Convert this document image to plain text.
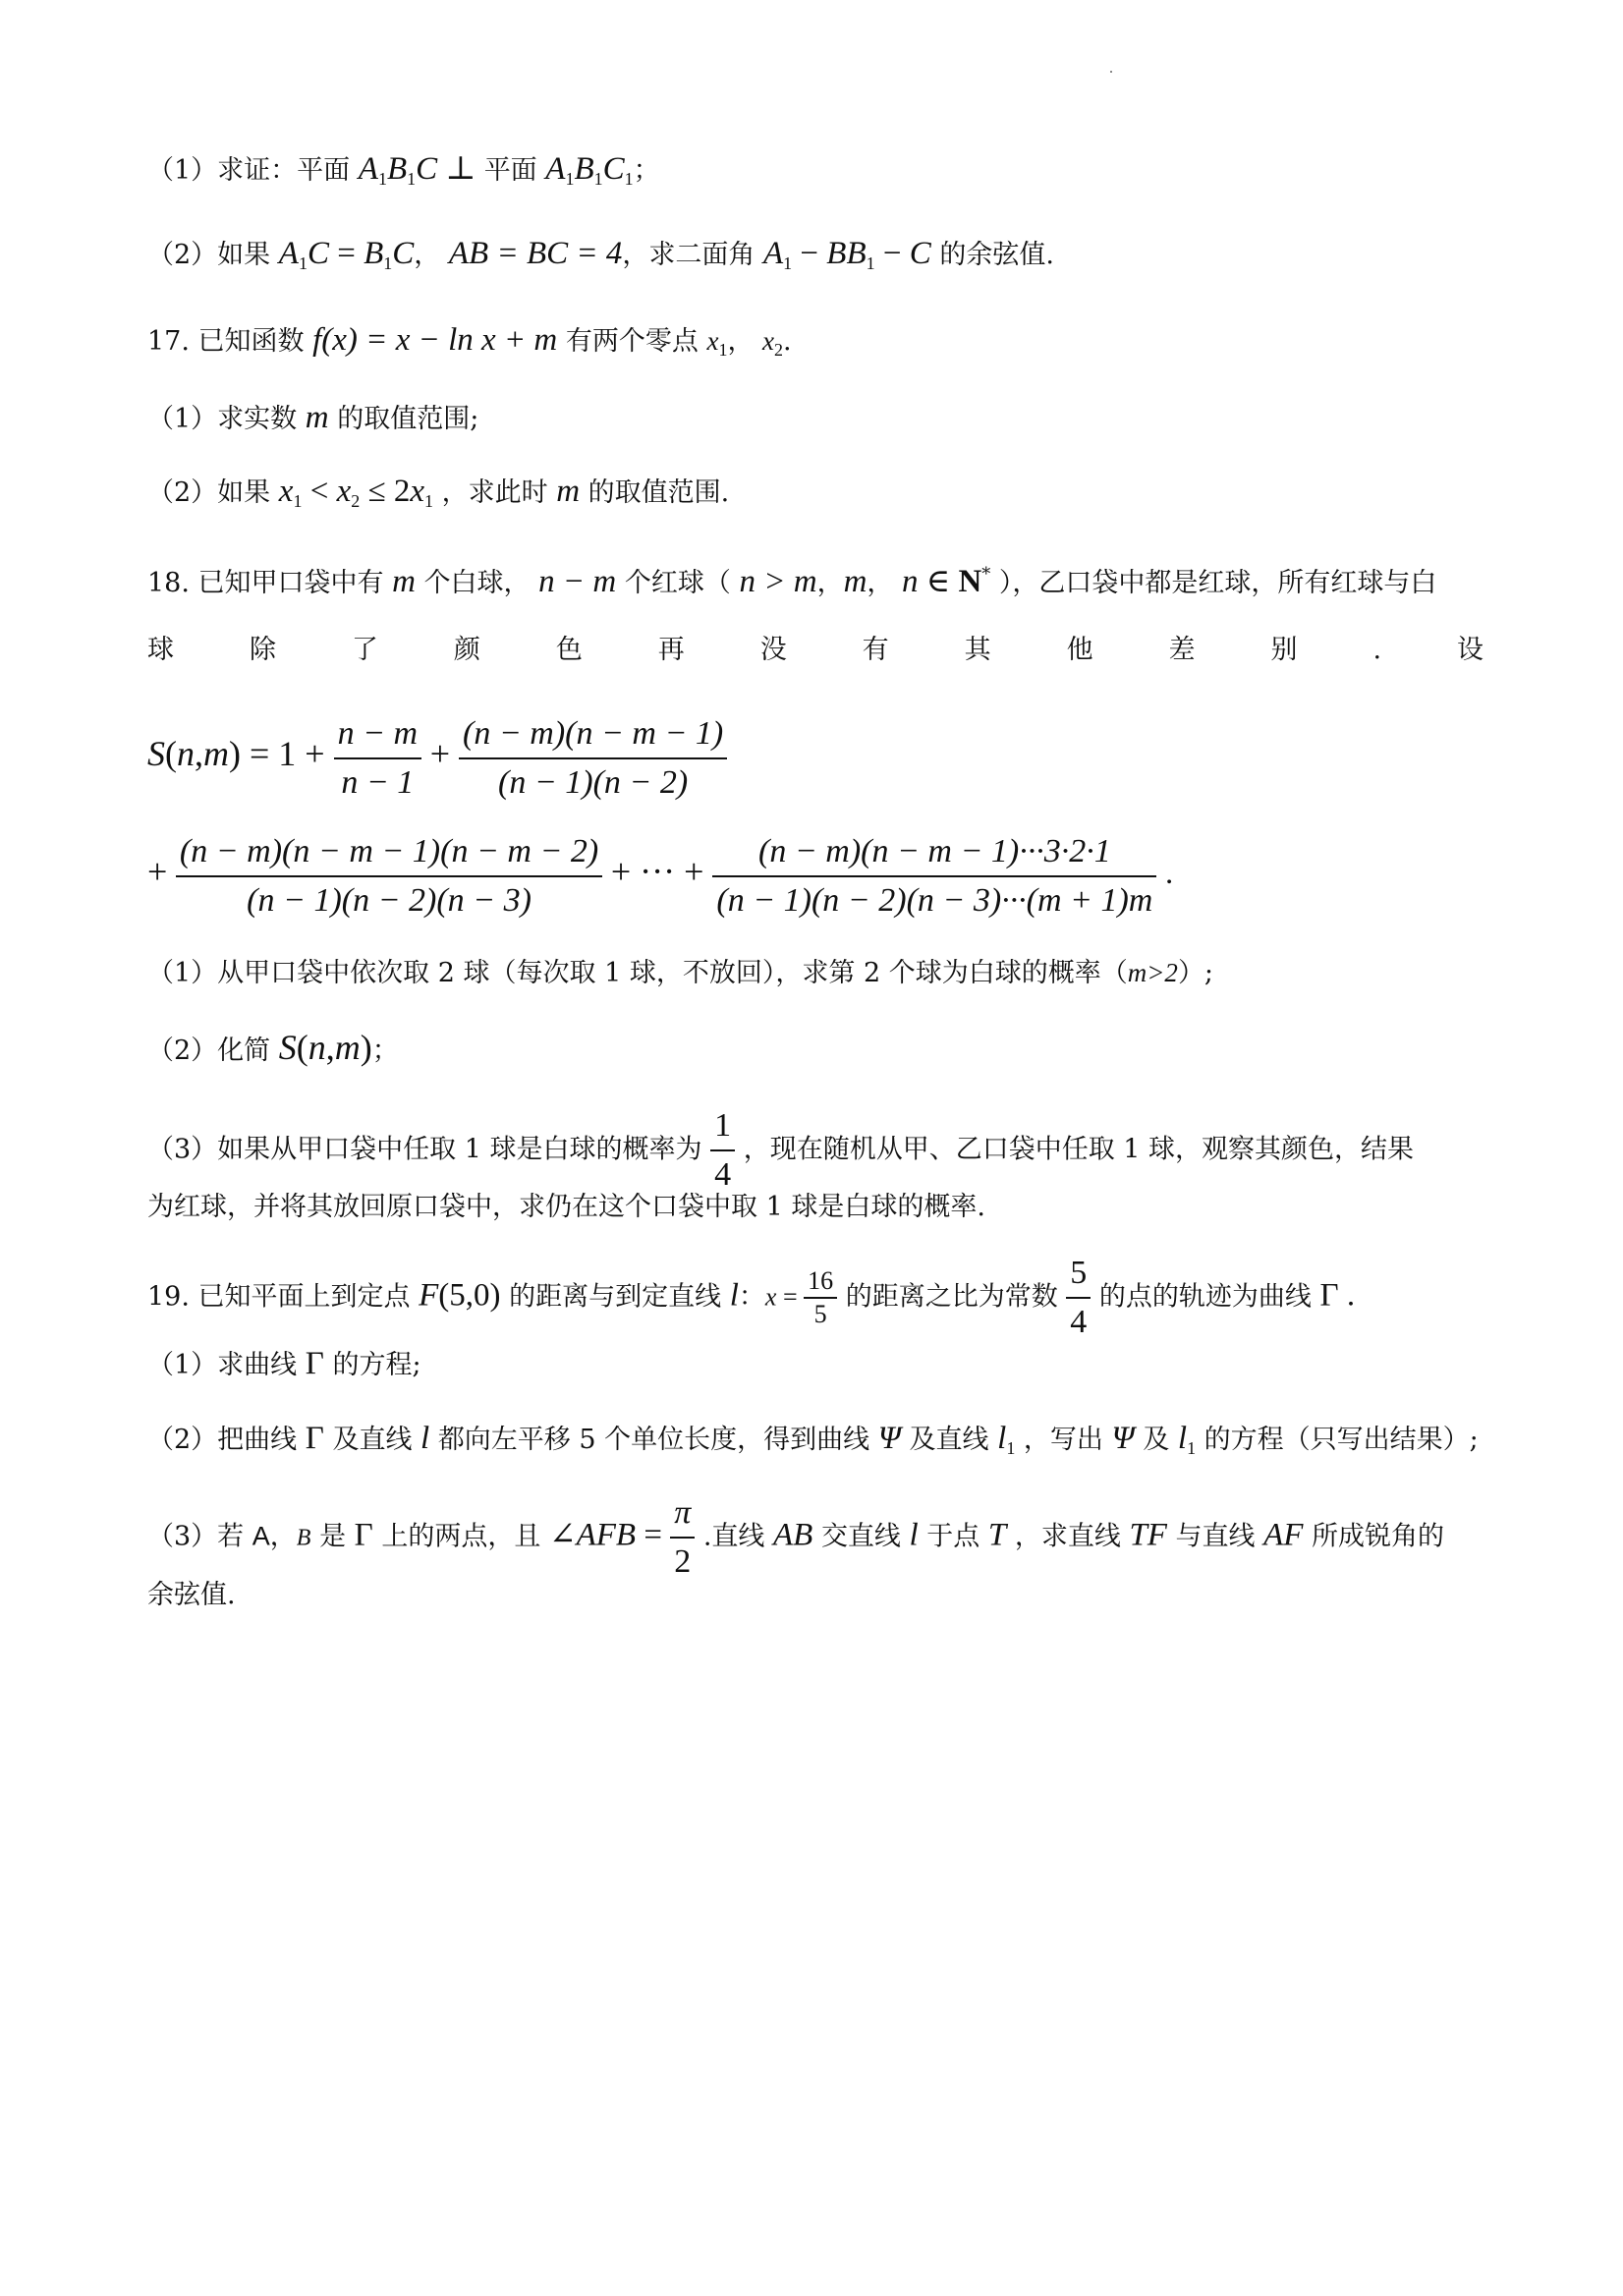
（1）求证：平面 $A_1B_1C$ ⊥ 平面 $A_1B_1C_1$；
（2）如果 $A_1C = B_1C$， AB = BC = 4，求二面角 $A_1 - BB_1 - C$ 的余弦值.
17. 已知函数 f(x) = x − ln x + m 有两个零点 $x_1$， $x_2$.
（1）求实数 m 的取值范围;
（2）如果 $x_1 < x_2 \le 2x_1$ ，求此时 m 的取值范围.
18. 已知甲口袋中有 m 个白球， n − m 个红球（ n > m，m， n ∈ N* ），乙口袋中都是红球，所有红球与白
球	除	了	颜	色	再	没	有	其	他	差	别	.	设
$S(n,m) = 1 + \frac{n - m}{n - 1} + \frac{(n - m)(n - m - 1)}{(n - 1)(n - 2)}$
+ $\frac{(n - m)(n - m - 1)(n - m - 2)}{(n - 1)(n - 2)(n - 3)}$ + ··· + $\frac{(n - m)(n - m - 1)\cdot\cdot\cdot 3\cdot 2\cdot 1}{(n - 1)(n - 2)(n - 3)\cdot\cdot\cdot(m + 1)m}$ .
（1）从甲口袋中依次取 2 球（每次取 1 球，不放回），求第 2 个球为白球的概率（m>2）;
（2）化简 S(n,m)；
（3）如果从甲口袋中任取 1 球是白球的概率为 $\frac{1}{4}$ ，现在随机从甲、乙口袋中任取 1 球，观察其颜色，结果
为红球，并将其放回原口袋中，求仍在这个口袋中取 1 球是白球的概率.
19. 已知平面上到定点 F(5,0) 的距离与到定直线 l：$x = \frac{16}{5}$ 的距离之比为常数 $\frac{5}{4}$ 的点的轨迹为曲线 Γ .
（1）求曲线 Γ 的方程;
（2）把曲线 Γ 及直线 l 都向左平移 5 个单位长度，得到曲线 Ψ 及直线 $l_1$ ，写出 Ψ 及 $l_1$ 的方程（只写出结果）;
（3）若 A，B 是 Γ 上的两点，且 ∠AFB = $\frac{\pi}{2}$ .直线 AB 交直线 l 于点 T ，求直线 TF 与直线 AF 所成锐角的
余弦值.
